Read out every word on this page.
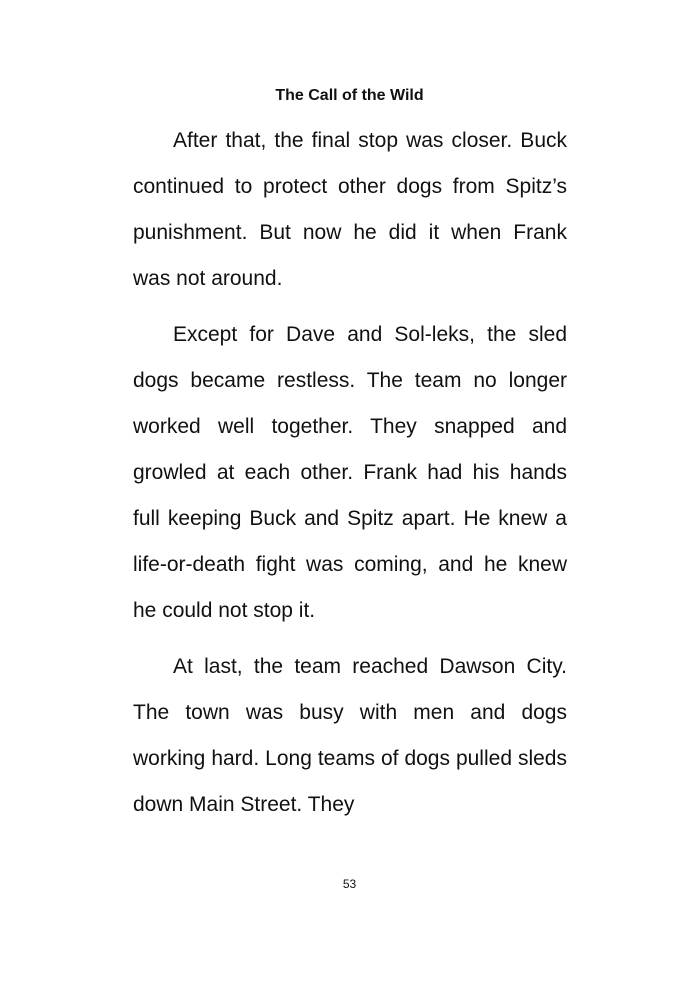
The Call of the Wild

After that, the final stop was closer. Buck continued to protect other dogs from Spitz’s punishment. But now he did it when Frank was not around.

Except for Dave and Sol-leks, the sled dogs became restless. The team no longer worked well together. They snapped and growled at each other. Frank had his hands full keeping Buck and Spitz apart. He knew a life-or-death fight was coming, and he knew he could not stop it.

At last, the team reached Dawson City. The town was busy with men and dogs working hard. Long teams of dogs pulled sleds down Main Street. They

53
